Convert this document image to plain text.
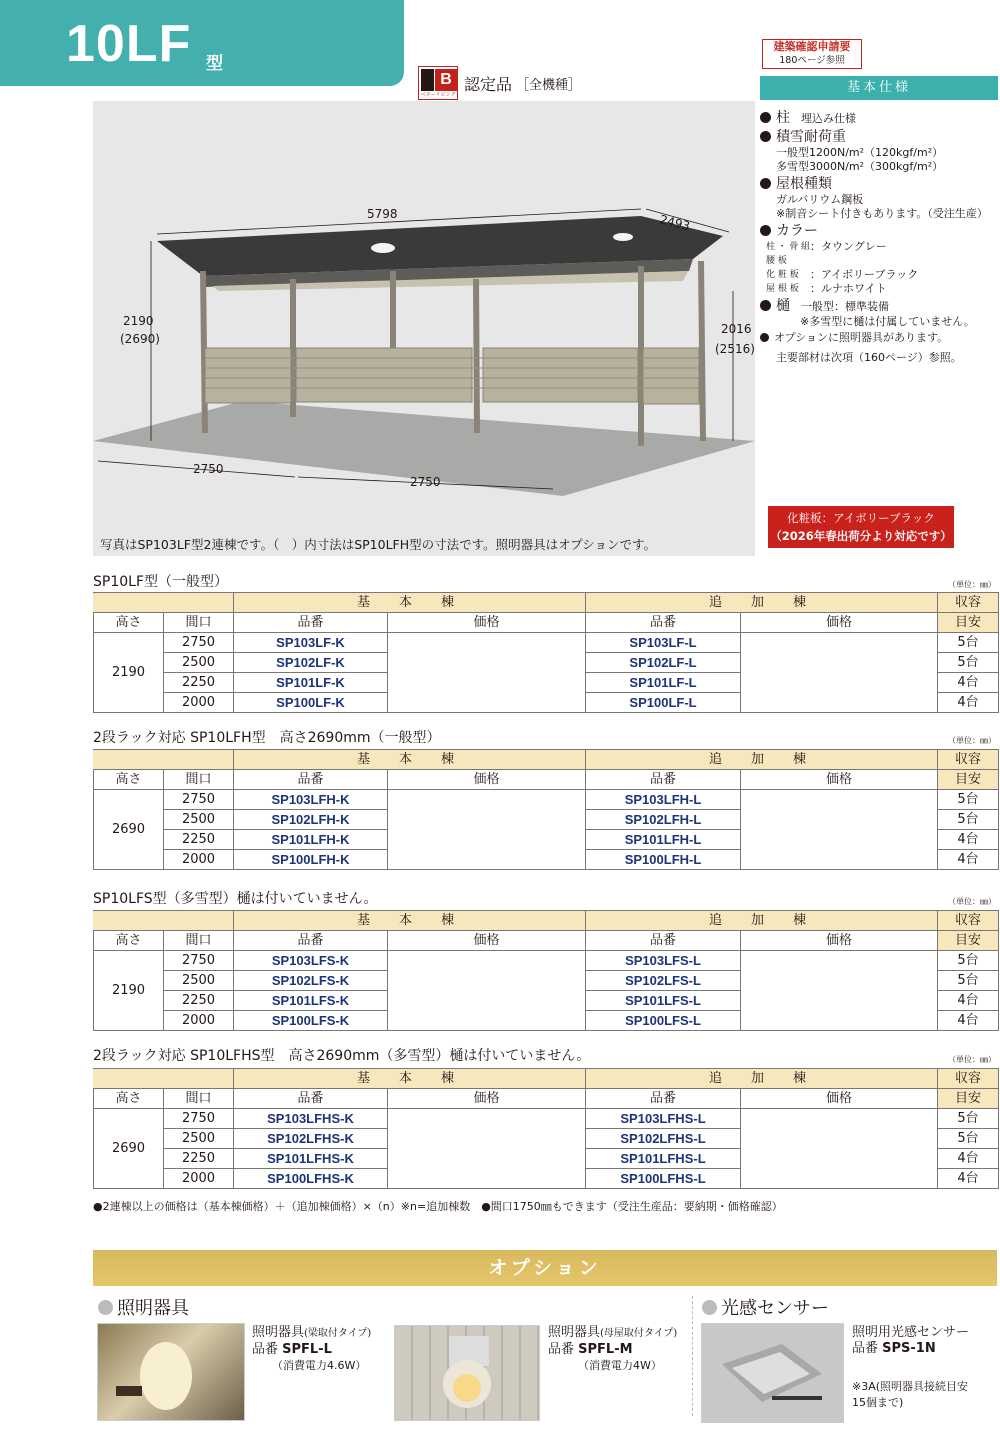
10LF 型
B
ベターリビング
認定品 ［全機種］
建築確認申請要
180ページ参照
基本仕様
柱　 埋込み仕様
積雪耐荷重
一般型1200N/m²（120kgf/m²）
多雪型3000N/m²（300kgf/m²）
屋根種類
ガルバリウム鋼板
※制音シート付きもあります。（受注生産）
カラー
柱・骨組 腰 板
：タウングレー
化 粧 板	：アイボリーブラック
屋 根 板	：ルナホワイト
樋　 一般型：標準装備
※多雪型に樋は付属していません。
オプションに照明器具があります。
主要部材は次項（160ページ）参照。
5798	2493
2190
(2690)
2016
(2516)
2750
2750
写真はSP103LF型2連棟です。（　）内寸法はSP10LFH型の寸法です。照明器具はオプションです。
化粧板：アイボリーブラック
（2026年春出荷分より対応です）
SP10LF型（一般型）	（単位：㎜）
		基　本　棟		追　加　棟		収容
高さ	間口	品番	価格	品番	価格	目安
2190	2750	SP103LF-K		SP103LF-L		5台
	2500	SP102LF-K		SP102LF-L		5台
	2250	SP101LF-K		SP101LF-L		4台
	2000	SP100LF-K		SP100LF-L		4台
2段ラック対応 SP10LFH型　高さ2690mm（一般型）	（単位：㎜）
		基　本　棟		追　加　棟		収容
高さ	間口	品番	価格	品番	価格	目安
2690	2750	SP103LFH-K		SP103LFH-L		5台
	2500	SP102LFH-K		SP102LFH-L		5台
	2250	SP101LFH-K		SP101LFH-L		4台
	2000	SP100LFH-K		SP100LFH-L		4台
SP10LFS型（多雪型）樋は付いていません。	（単位：㎜）
		基　本　棟		追　加　棟		収容
高さ	間口	品番	価格	品番	価格	目安
2190	2750	SP103LFS-K		SP103LFS-L		5台
	2500	SP102LFS-K		SP102LFS-L		5台
	2250	SP101LFS-K		SP101LFS-L		4台
	2000	SP100LFS-K		SP100LFS-L		4台
2段ラック対応 SP10LFHS型　高さ2690mm（多雪型）樋は付いていません。	（単位：㎜）
		基　本　棟		追　加　棟		収容
高さ	間口	品番	価格	品番	価格	目安
2690	2750	SP103LFHS-K		SP103LFHS-L		5台
	2500	SP102LFHS-K		SP102LFHS-L		5台
	2250	SP101LFHS-K		SP101LFHS-L		4台
	2000	SP100LFHS-K		SP100LFHS-L		4台
●2連棟以上の価格は（基本棟価格）＋（追加棟価格）×（n）※n=追加棟数　●間口1750㎜もできます（受注生産品：要納期・価格確認）
オプション
照明器具	光感センサー
照明器具(梁取付タイプ)
品番 SPFL-L
（消費電力4.6W）
照明器具(母屋取付タイプ)
品番 SPFL-M
（消費電力4W）
照明用光感センサー
品番 SPS-1N
※3A(照明器具接続目安
15個まで)
